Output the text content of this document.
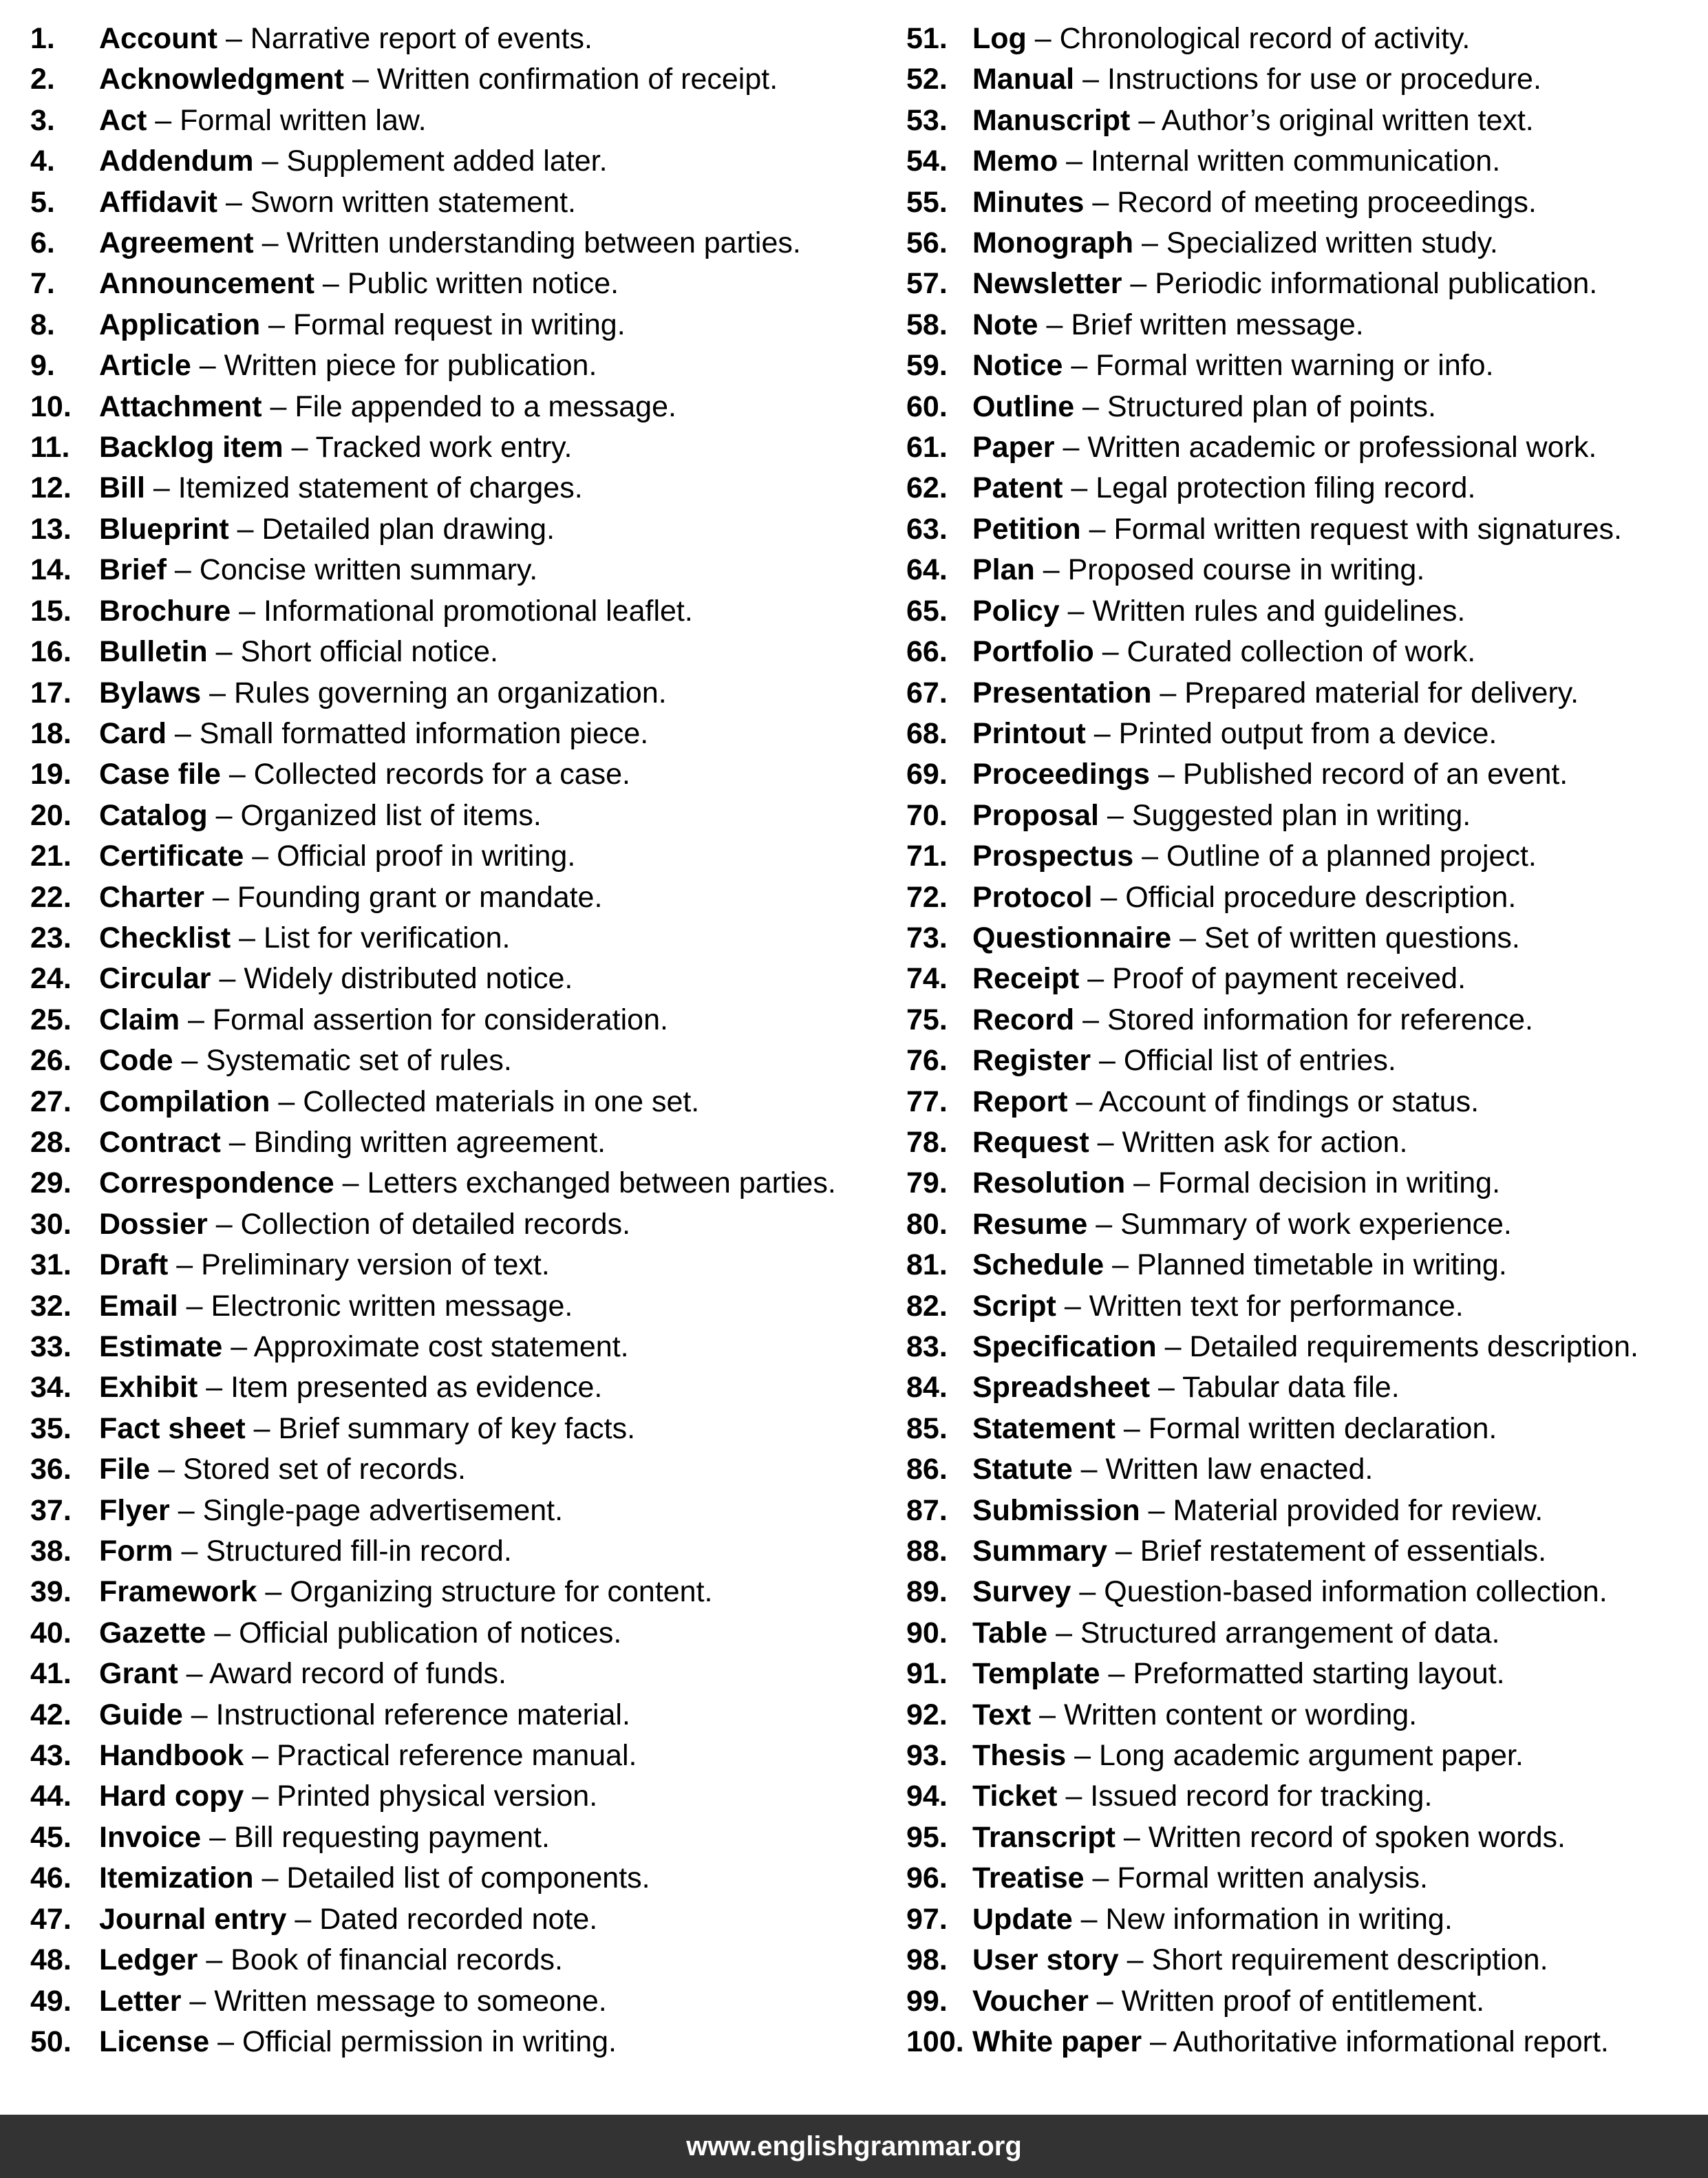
1.	Account – Narrative report of events.
2.	Acknowledgment – Written confirmation of receipt.
3.	Act – Formal written law.
4.	Addendum – Supplement added later.
5.	Affidavit – Sworn written statement.
6.	Agreement – Written understanding between parties.
7.	Announcement – Public written notice.
8.	Application – Formal request in writing.
9.	Article – Written piece for publication.
10. Attachment – File appended to a message.
11. Backlog item – Tracked work entry.
12. Bill – Itemized statement of charges.
13. Blueprint – Detailed plan drawing.
14. Brief – Concise written summary.
15. Brochure – Informational promotional leaflet.
16. Bulletin – Short official notice.
17. Bylaws – Rules governing an organization.
18. Card – Small formatted information piece.
19. Case file – Collected records for a case.
20. Catalog – Organized list of items.
21. Certificate – Official proof in writing.
22. Charter – Founding grant or mandate.
23. Checklist – List for verification.
24. Circular – Widely distributed notice.
25. Claim – Formal assertion for consideration.
26. Code – Systematic set of rules.
27. Compilation – Collected materials in one set.
28. Contract – Binding written agreement.
29. Correspondence – Letters exchanged between parties.
30. Dossier – Collection of detailed records.
31. Draft – Preliminary version of text.
32. Email – Electronic written message.
33. Estimate – Approximate cost statement.
34. Exhibit – Item presented as evidence.
35. Fact sheet – Brief summary of key facts.
36. File – Stored set of records.
37. Flyer – Single-page advertisement.
38. Form – Structured fill-in record.
39. Framework – Organizing structure for content.
40. Gazette – Official publication of notices.
41. Grant – Award record of funds.
42. Guide – Instructional reference material.
43. Handbook – Practical reference manual.
44. Hard copy – Printed physical version.
45. Invoice – Bill requesting payment.
46. Itemization – Detailed list of components.
47. Journal entry – Dated recorded note.
48. Ledger – Book of financial records.
49. Letter – Written message to someone.
50. License – Official permission in writing.
51. Log – Chronological record of activity.
52. Manual – Instructions for use or procedure.
53. Manuscript – Author’s original written text.
54. Memo – Internal written communication.
55. Minutes – Record of meeting proceedings.
56. Monograph – Specialized written study.
57. Newsletter – Periodic informational publication.
58. Note – Brief written message.
59. Notice – Formal written warning or info.
60. Outline – Structured plan of points.
61. Paper – Written academic or professional work.
62. Patent – Legal protection filing record.
63. Petition – Formal written request with signatures.
64. Plan – Proposed course in writing.
65. Policy – Written rules and guidelines.
66. Portfolio – Curated collection of work.
67. Presentation – Prepared material for delivery.
68. Printout – Printed output from a device.
69. Proceedings – Published record of an event.
70. Proposal – Suggested plan in writing.
71. Prospectus – Outline of a planned project.
72. Protocol – Official procedure description.
73. Questionnaire – Set of written questions.
74. Receipt – Proof of payment received.
75. Record – Stored information for reference.
76. Register – Official list of entries.
77. Report – Account of findings or status.
78. Request – Written ask for action.
79. Resolution – Formal decision in writing.
80. Resume – Summary of work experience.
81. Schedule – Planned timetable in writing.
82. Script – Written text for performance.
83. Specification – Detailed requirements description.
84. Spreadsheet – Tabular data file.
85. Statement – Formal written declaration.
86. Statute – Written law enacted.
87. Submission – Material provided for review.
88. Summary – Brief restatement of essentials.
89. Survey – Question-based information collection.
90. Table – Structured arrangement of data.
91. Template – Preformatted starting layout.
92. Text – Written content or wording.
93. Thesis – Long academic argument paper.
94. Ticket – Issued record for tracking.
95. Transcript – Written record of spoken words.
96. Treatise – Formal written analysis.
97. Update – New information in writing.
98. User story – Short requirement description.
99. Voucher – Written proof of entitlement.
100. White paper – Authoritative informational report.
www.englishgrammar.org
